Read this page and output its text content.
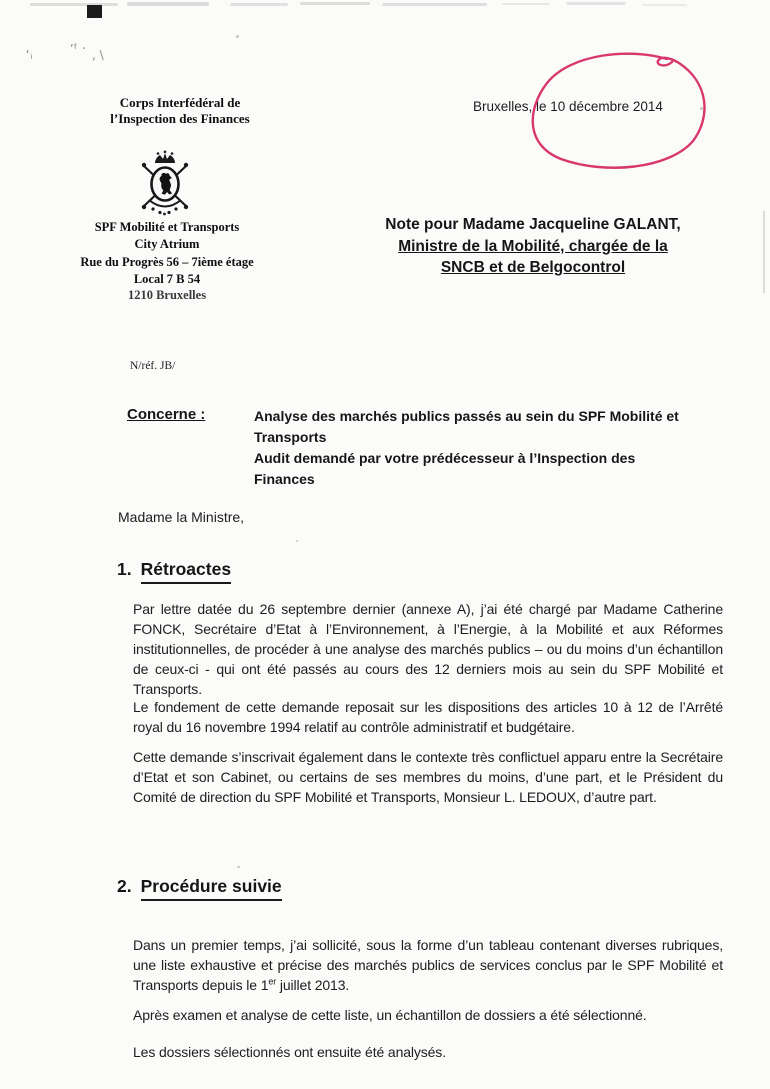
ʻᵢ	ʼᶠ · , \
Corps Interfédéral de
l’Inspection des Finances
SPF Mobilité et Transports
City Atrium
Rue du Progrès 56 – 7ième étage
Local 7 B 54
1210 Bruxelles
Bruxelles, le 10 décembre 2014
Note pour Madame Jacqueline GALANT,
Ministre de la Mobilité, chargée de la
SNCB et de Belgocontrol
N/réf. JB/
Concerne :	Analyse des marchés publics passés au sein du SPF Mobilité et
Transports
Audit demandé par votre prédécesseur à l’Inspection des
Finances
Madame la Ministre,
1. Rétroactes
Par lettre datée du 26 septembre dernier (annexe A), j’ai été chargé par Madame Catherine FONCK, Secrétaire d’Etat à l’Environnement, à l’Energie, à la Mobilité et aux Réformes institutionnelles, de procéder à une analyse des marchés publics – ou du moins d’un échantillon de ceux-ci - qui ont été passés au cours des 12 derniers mois au sein du SPF Mobilité et Transports.
Le fondement de cette demande reposait sur les dispositions des articles 10 à 12 de l’Arrêté royal du 16 novembre 1994 relatif au contrôle administratif et budgétaire.
Cette demande s’inscrivait également dans le contexte très conflictuel apparu entre la Secrétaire d’Etat et son Cabinet, ou certains de ses membres du moins, d’une part, et le Président du Comité de direction du SPF Mobilité et Transports, Monsieur L. LEDOUX, d’autre part.
2. Procédure suivie
Dans un premier temps, j’ai sollicité, sous la forme d’un tableau contenant diverses rubriques, une liste exhaustive et précise des marchés publics de services conclus par le SPF Mobilité et Transports depuis le 1er juillet 2013.
Après examen et analyse de cette liste, un échantillon de dossiers a été sélectionné.
Les dossiers sélectionnés ont ensuite été analysés.
